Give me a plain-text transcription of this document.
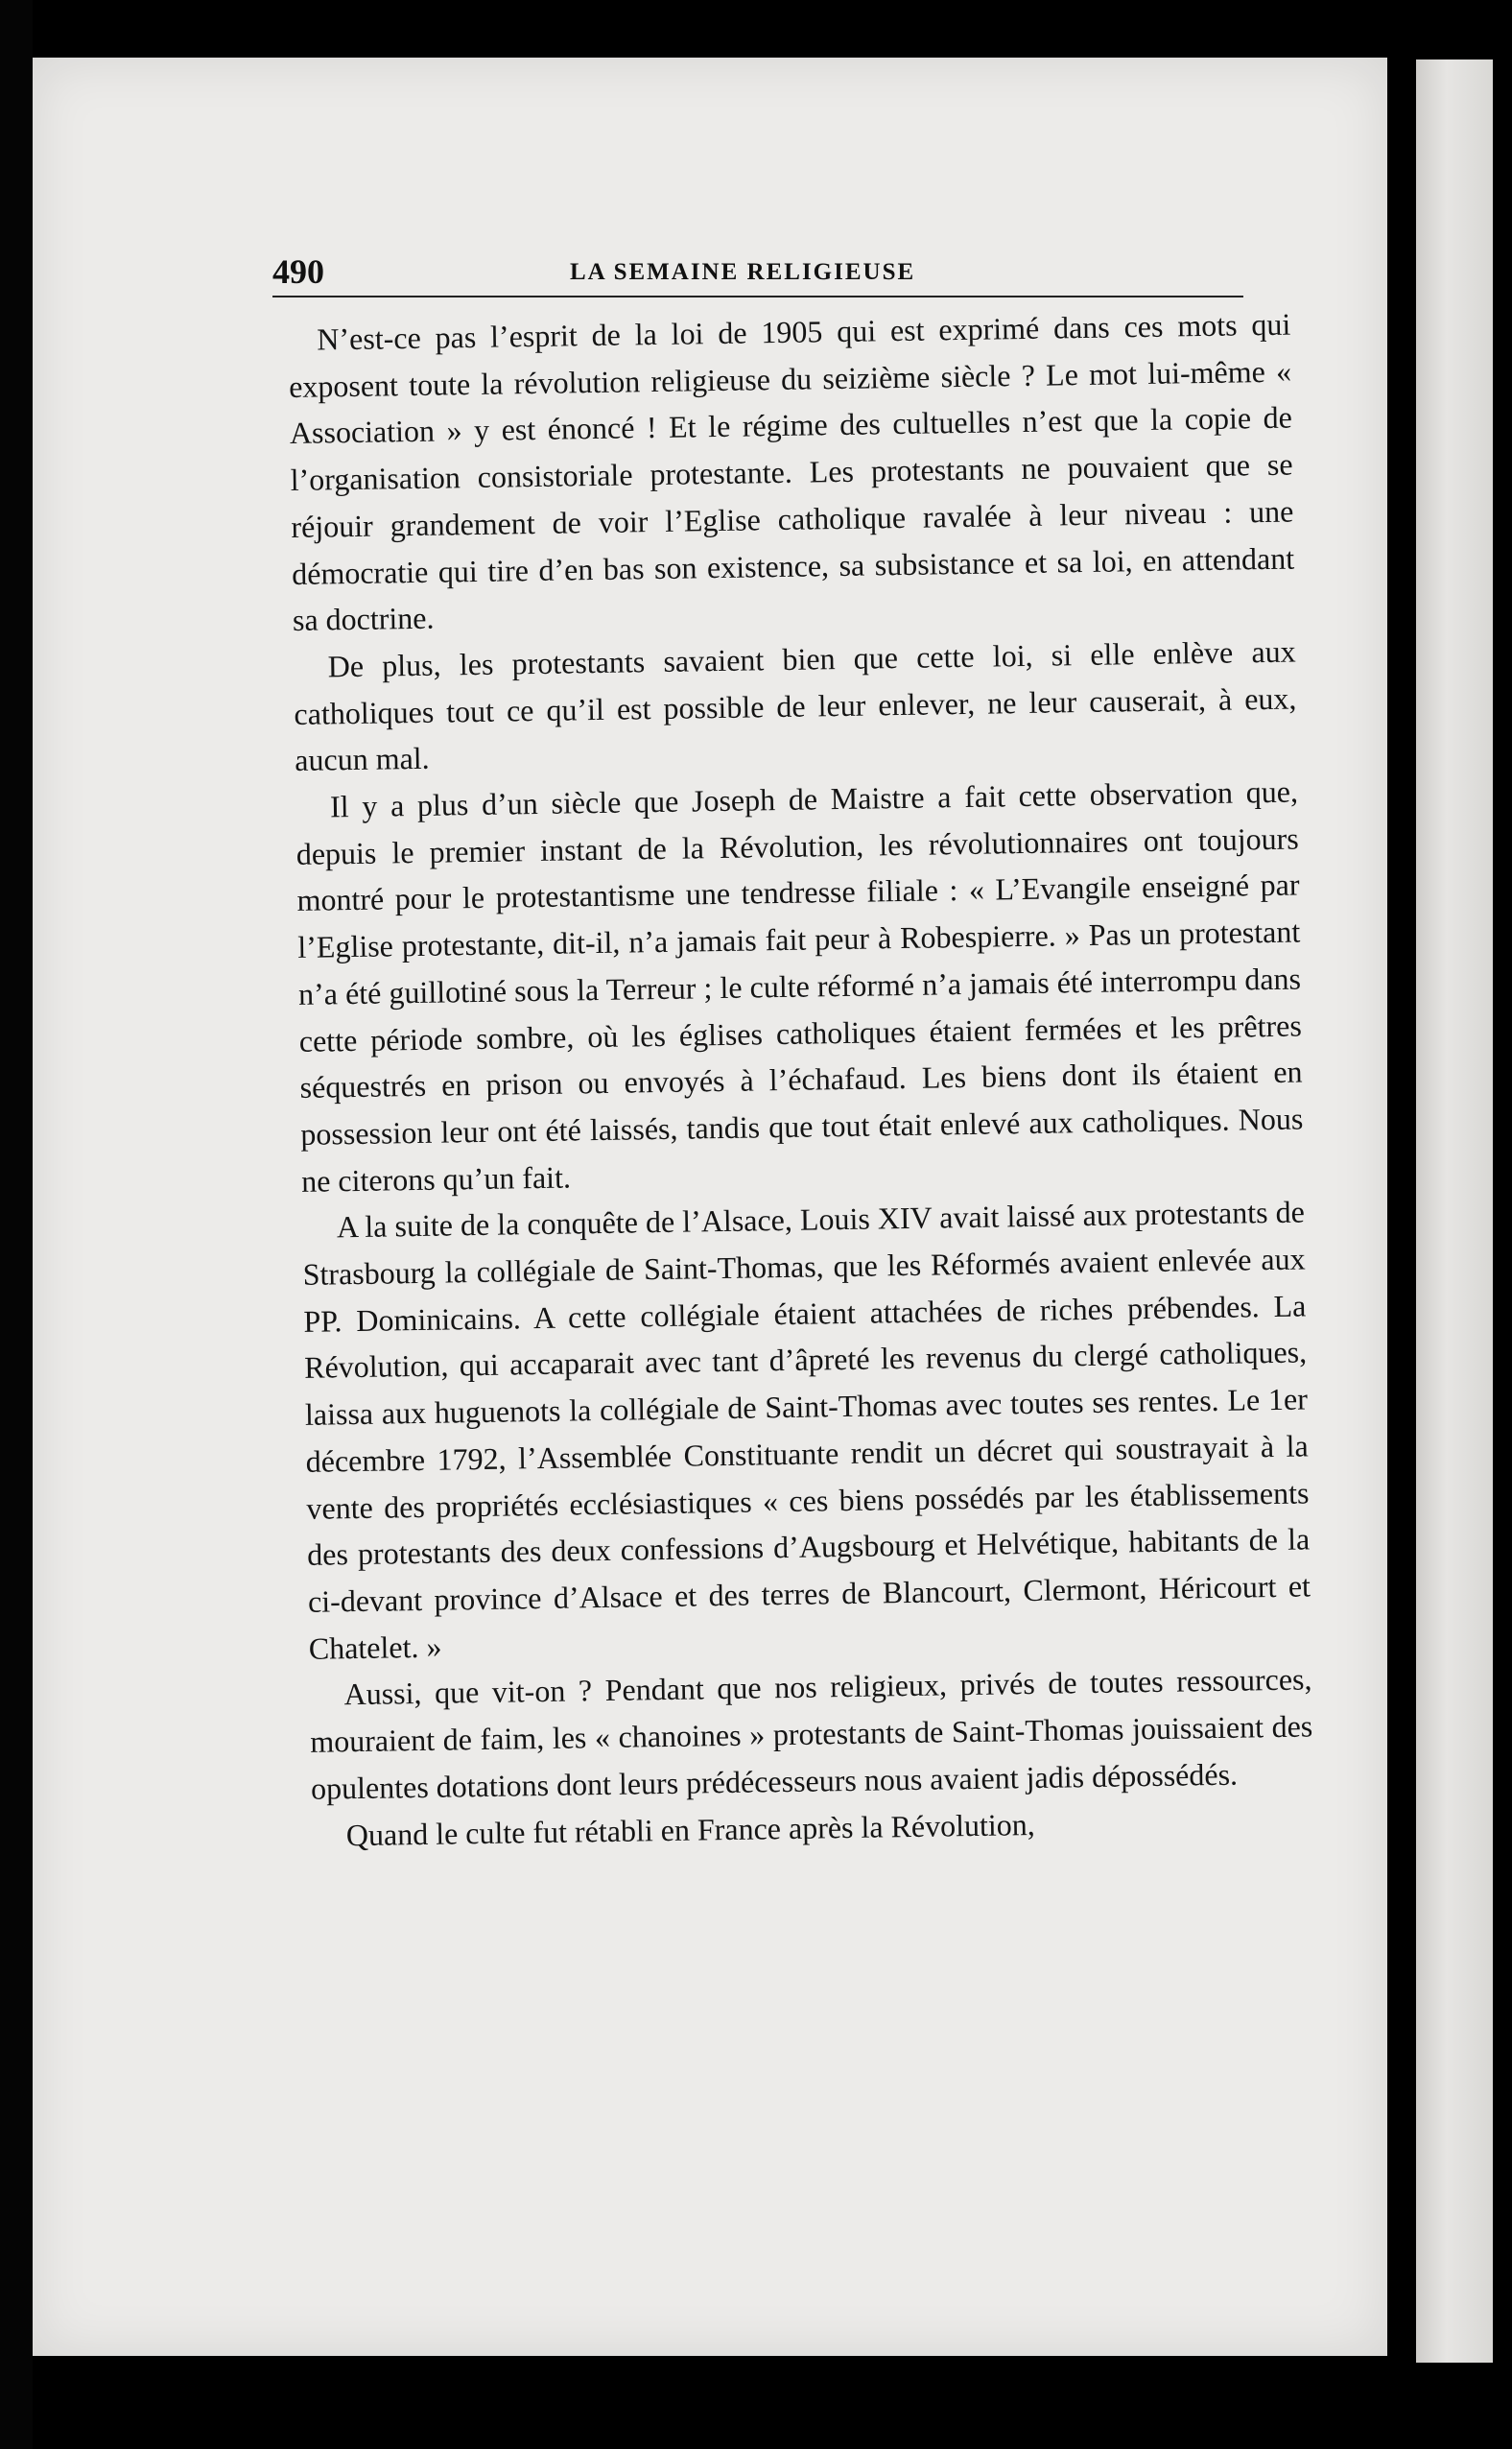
490	LA SEMAINE RELIGIEUSE

N’est-ce pas l’esprit de la loi de 1905 qui est exprimé dans ces mots qui exposent toute la révolution religieuse du seizième siècle ? Le mot lui-même « Association » y est énoncé ! Et le régime des cultuelles n’est que la copie de l’organisation consistoriale protestante. Les protestants ne pouvaient que se réjouir grandement de voir l’Eglise catholique ravalée à leur niveau : une démocratie qui tire d’en bas son existence, sa subsistance et sa loi, en attendant sa doctrine.

De plus, les protestants savaient bien que cette loi, si elle enlève aux catholiques tout ce qu’il est possible de leur enlever, ne leur causerait, à eux, aucun mal.

Il y a plus d’un siècle que Joseph de Maistre a fait cette observation que, depuis le premier instant de la Révolution, les révolutionnaires ont toujours montré pour le protestantisme une tendresse filiale : « L’Evangile enseigné par l’Eglise protestante, dit-il, n’a jamais fait peur à Robespierre. » Pas un protestant n’a été guillotiné sous la Terreur ; le culte réformé n’a jamais été interrompu dans cette période sombre, où les églises catholiques étaient fermées et les prêtres séquestrés en prison ou envoyés à l’échafaud. Les biens dont ils étaient en possession leur ont été laissés, tandis que tout était enlevé aux catholiques. Nous ne citerons qu’un fait.

A la suite de la conquête de l’Alsace, Louis XIV avait laissé aux protestants de Strasbourg la collégiale de Saint-Thomas, que les Réformés avaient enlevée aux PP. Dominicains. A cette collégiale étaient attachées de riches prébendes. La Révolution, qui accaparait avec tant d’âpreté les revenus du clergé catholiques, laissa aux huguenots la collégiale de Saint-Thomas avec toutes ses rentes. Le 1er décembre 1792, l’Assemblée Constituante rendit un décret qui soustrayait à la vente des propriétés ecclésiastiques « ces biens possédés par les établissements des protestants des deux confessions d’Augsbourg et Helvétique, habitants de la ci-devant province d’Alsace et des terres de Blancourt, Clermont, Héricourt et Chatelet. »

Aussi, que vit-on ? Pendant que nos religieux, privés de toutes ressources, mouraient de faim, les « chanoines » protestants de Saint-Thomas jouissaient des opulentes dotations dont leurs prédécesseurs nous avaient jadis dépossédés.

Quand le culte fut rétabli en France après la Révolution,
